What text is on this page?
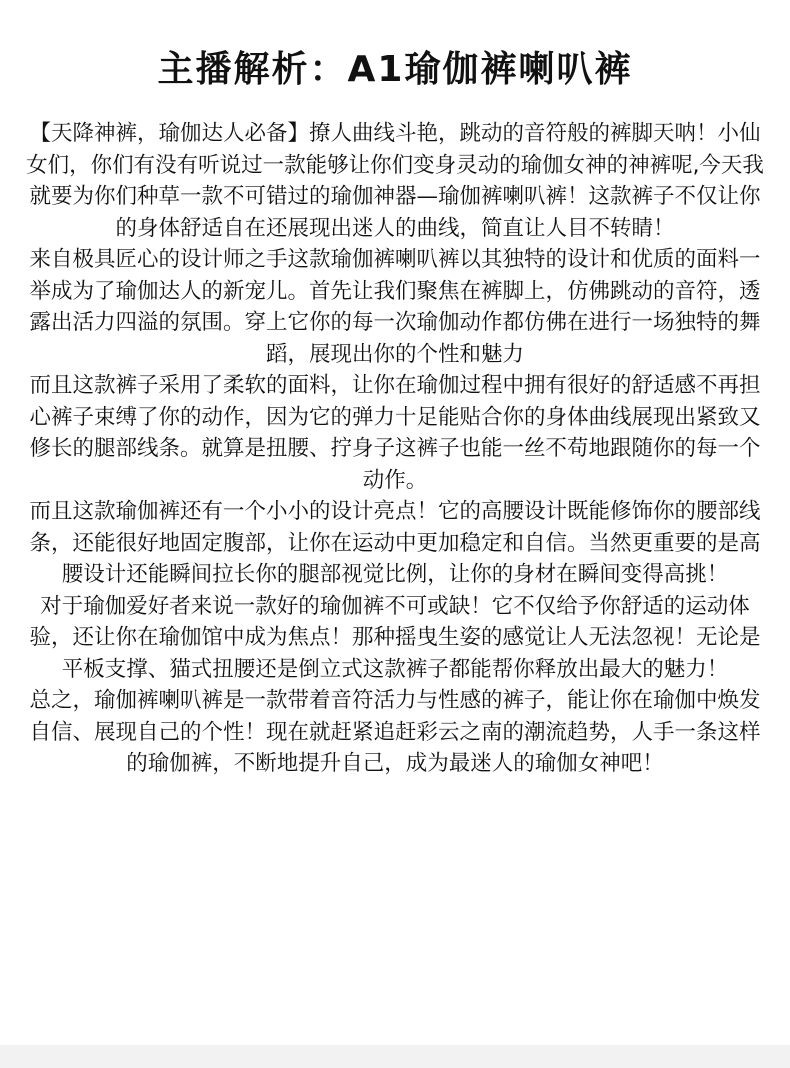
主播解析：A1瑜伽裤喇叭裤

【天降神裤，瑜伽达人必备】撩人曲线斗艳，跳动的音符般的裤脚天呐！小仙女们，你们有没有听说过一款能够让你们变身灵动的瑜伽女神的神裤呢,今天我就要为你们种草一款不可错过的瑜伽神器—瑜伽裤喇叭裤！这款裤子不仅让你的身体舒适自在还展现出迷人的曲线，简直让人目不转睛！

来自极具匠心的设计师之手这款瑜伽裤喇叭裤以其独特的设计和优质的面料一举成为了瑜伽达人的新宠儿。首先让我们聚焦在裤脚上，仿佛跳动的音符，透露出活力四溢的氛围。穿上它你的每一次瑜伽动作都仿佛在进行一场独特的舞蹈，展现出你的个性和魅力

而且这款裤子采用了柔软的面料，让你在瑜伽过程中拥有很好的舒适感不再担心裤子束缚了你的动作，因为它的弹力十足能贴合你的身体曲线展现出紧致又修长的腿部线条。就算是扭腰、拧身子这裤子也能一丝不苟地跟随你的每一个动作。

而且这款瑜伽裤还有一个小小的设计亮点！它的高腰设计既能修饰你的腰部线条，还能很好地固定腹部，让你在运动中更加稳定和自信。当然更重要的是高腰设计还能瞬间拉长你的腿部视觉比例，让你的身材在瞬间变得高挑！

对于瑜伽爱好者来说一款好的瑜伽裤不可或缺！它不仅给予你舒适的运动体验，还让你在瑜伽馆中成为焦点！那种摇曳生姿的感觉让人无法忽视！无论是平板支撑、猫式扭腰还是倒立式这款裤子都能帮你释放出最大的魅力！

总之，瑜伽裤喇叭裤是一款带着音符活力与性感的裤子，能让你在瑜伽中焕发自信、展现自己的个性！现在就赶紧追赶彩云之南的潮流趋势，人手一条这样的瑜伽裤，不断地提升自己，成为最迷人的瑜伽女神吧！
